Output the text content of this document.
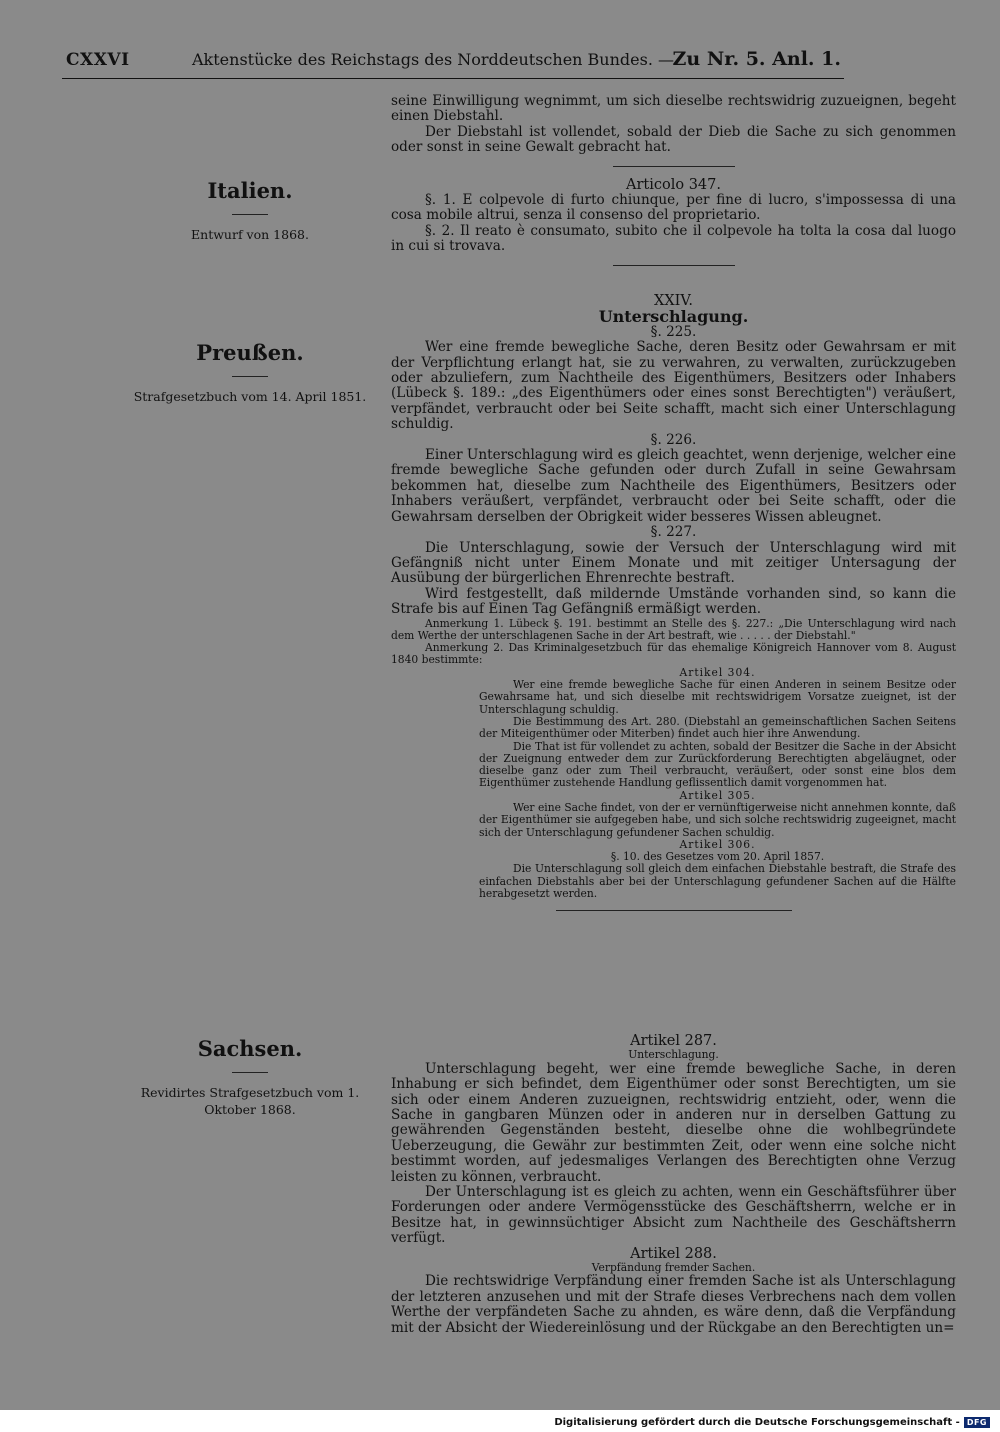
CXXVI	Aktenstücke des Reichstags des Norddeutschen Bundes. —
Zu Nr. 5. Anl. 1.
Italien.
Entwurf von 1868.
Preußen.
Strafgesetzbuch vom 14. April 1851.
Sachsen.
Revidirtes Strafgesetzbuch vom 1. Oktober 1868.

seine Einwilligung wegnimmt, um sich dieselbe rechtswidrig zuzueignen, begeht einen Diebstahl.

Der Diebstahl ist vollendet, sobald der Dieb die Sache zu sich genommen oder sonst in seine Gewalt gebracht hat.

Articolo 347.

§. 1. E colpevole di furto chiunque, per fine di lucro, s'impossessa di una cosa mobile altrui, senza il consenso del proprietario.

§. 2. Il reato è consumato, subito che il colpevole ha tolta la cosa dal luogo in cui si trovava.

XXIV.

Unterschlagung.

§. 225.

Wer eine fremde bewegliche Sache, deren Besitz oder Gewahrsam er mit der Verpflichtung erlangt hat, sie zu verwahren, zu verwalten, zurückzugeben oder abzuliefern, zum Nachtheile des Eigenthümers, Besitzers oder Inhabers (Lübeck §. 189.: „des Eigenthümers oder eines sonst Berechtigten") veräußert, verpfändet, verbraucht oder bei Seite schafft, macht sich einer Unterschlagung schuldig.

§. 226.

Einer Unterschlagung wird es gleich geachtet, wenn derjenige, welcher eine fremde bewegliche Sache gefunden oder durch Zufall in seine Gewahrsam bekommen hat, dieselbe zum Nachtheile des Eigenthümers, Besitzers oder Inhabers veräußert, verpfändet, verbraucht oder bei Seite schafft, oder die Gewahrsam derselben der Obrigkeit wider besseres Wissen ableugnet.

§. 227.

Die Unterschlagung, sowie der Versuch der Unterschlagung wird mit Gefängniß nicht unter Einem Monate und mit zeitiger Untersagung der Ausübung der bürgerlichen Ehrenrechte bestraft.

Wird festgestellt, daß mildernde Umstände vorhanden sind, so kann die Strafe bis auf Einen Tag Gefängniß ermäßigt werden.

Anmerkung 1. Lübeck §. 191. bestimmt an Stelle des §. 227.: „Die Unterschlagung wird nach dem Werthe der unterschlagenen Sache in der Art bestraft, wie . . . . . der Diebstahl."

Anmerkung 2. Das Kriminalgesetzbuch für das ehemalige Königreich Hannover vom 8. August 1840 bestimmte:

Artikel 304.

Wer eine fremde bewegliche Sache für einen Anderen in seinem Besitze oder Gewahrsame hat, und sich dieselbe mit rechtswidrigem Vorsatze zueignet, ist der Unterschlagung schuldig.

Die Bestimmung des Art. 280. (Diebstahl an gemeinschaftlichen Sachen Seitens der Miteigenthümer oder Miterben) findet auch hier ihre Anwendung.

Die That ist für vollendet zu achten, sobald der Besitzer die Sache in der Absicht der Zueignung entweder dem zur Zurückforderung Berechtigten abgeläugnet, oder dieselbe ganz oder zum Theil verbraucht, veräußert, oder sonst eine blos dem Eigenthümer zustehende Handlung geflissentlich damit vorgenommen hat.

Artikel 305.

Wer eine Sache findet, von der er vernünftigerweise nicht annehmen konnte, daß der Eigenthümer sie aufgegeben habe, und sich solche rechtswidrig zugeeignet, macht sich der Unterschlagung gefundener Sachen schuldig.

Artikel 306.

§. 10. des Gesetzes vom 20. April 1857.

Die Unterschlagung soll gleich dem einfachen Diebstahle bestraft, die Strafe des einfachen Diebstahls aber bei der Unterschlagung gefundener Sachen auf die Hälfte herabgesetzt werden.

Artikel 287.

Unterschlagung.

Unterschlagung begeht, wer eine fremde bewegliche Sache, in deren Inhabung er sich befindet, dem Eigenthümer oder sonst Berechtigten, um sie sich oder einem Anderen zuzueignen, rechtswidrig entzieht, oder, wenn die Sache in gangbaren Münzen oder in anderen nur in derselben Gattung zu gewährenden Gegenständen besteht, dieselbe ohne die wohlbegründete Ueberzeugung, die Gewähr zur bestimmten Zeit, oder wenn eine solche nicht bestimmt worden, auf jedesmaliges Verlangen des Berechtigten ohne Verzug leisten zu können, verbraucht.

Der Unterschlagung ist es gleich zu achten, wenn ein Geschäftsführer über Forderungen oder andere Vermögensstücke des Geschäftsherrn, welche er in Besitze hat, in gewinnsüchtiger Absicht zum Nachtheile des Geschäftsherrn verfügt.

Artikel 288.

Verpfändung fremder Sachen.

Die rechtswidrige Verpfändung einer fremden Sache ist als Unterschlagung der letzteren anzusehen und mit der Strafe dieses Verbrechens nach dem vollen Werthe der verpfändeten Sache zu ahnden, es wäre denn, daß die Verpfändung mit der Absicht der Wiedereinlösung und der Rückgabe an den Berechtigten un=

Digitalisierung gefördert durch die Deutsche Forschungsgemeinschaft - DFG
